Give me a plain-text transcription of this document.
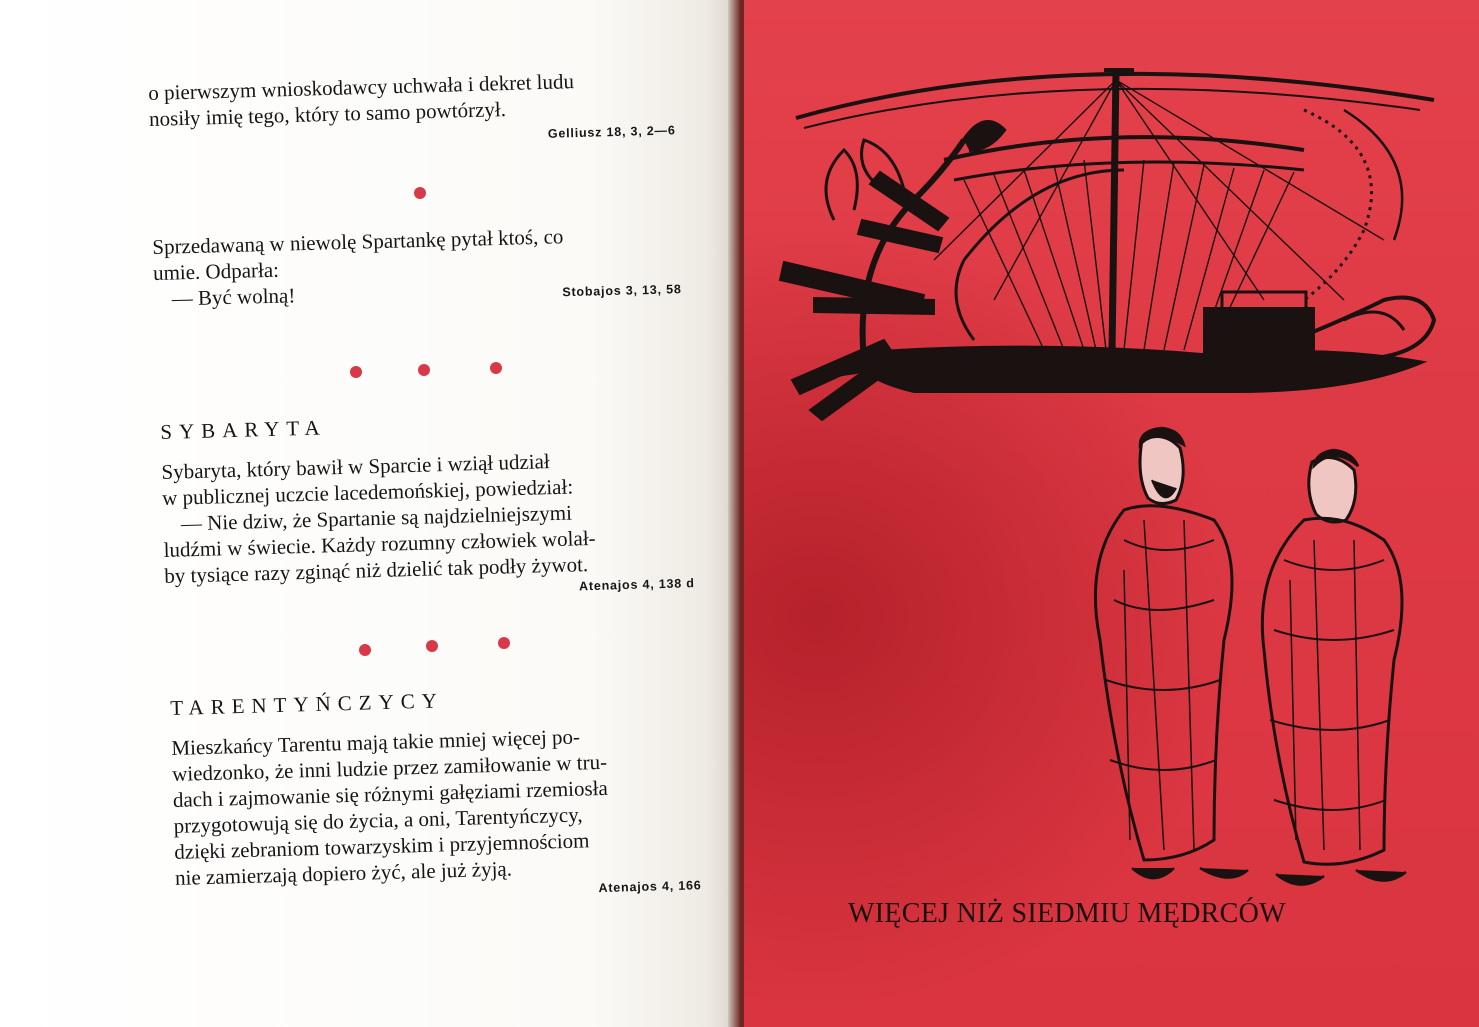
o pierwszym wnioskodawcy uchwała i dekret ludu

nosiły imię tego, który to samo powtórzył.

Gelliusz 18, 3, 2—6

Sprzedawaną w niewolę Spartankę pytał ktoś, co

umie. Odparła:

— Być wolną!	Stobajos 3, 13, 58
SYBARYTA

Sybaryta, który bawił w Sparcie i wziął udział

w publicznej uczcie lacedemońskiej, powiedział:

— Nie dziw, że Spartanie są najdzielniejszymi

ludźmi w świecie. Każdy rozumny człowiek wolał-

by tysiące razy zginąć niż dzielić tak podły żywot.

Atenajos 4, 138 d
TARENTYŃCZYCY

Mieszkańcy Tarentu mają takie mniej więcej po-

wiedzonko, że inni ludzie przez zamiłowanie w tru-

dach i zajmowanie się różnymi gałęziami rzemiosła

przygotowują się do życia, a oni, Tarentyńczycy,

dzięki zebraniom towarzyskim i przyjemnościom

nie zamierzają dopiero żyć, ale już żyją.	Atenajos 4, 166
WIĘCEJ NIŻ SIEDMIU MĘDRCÓW
